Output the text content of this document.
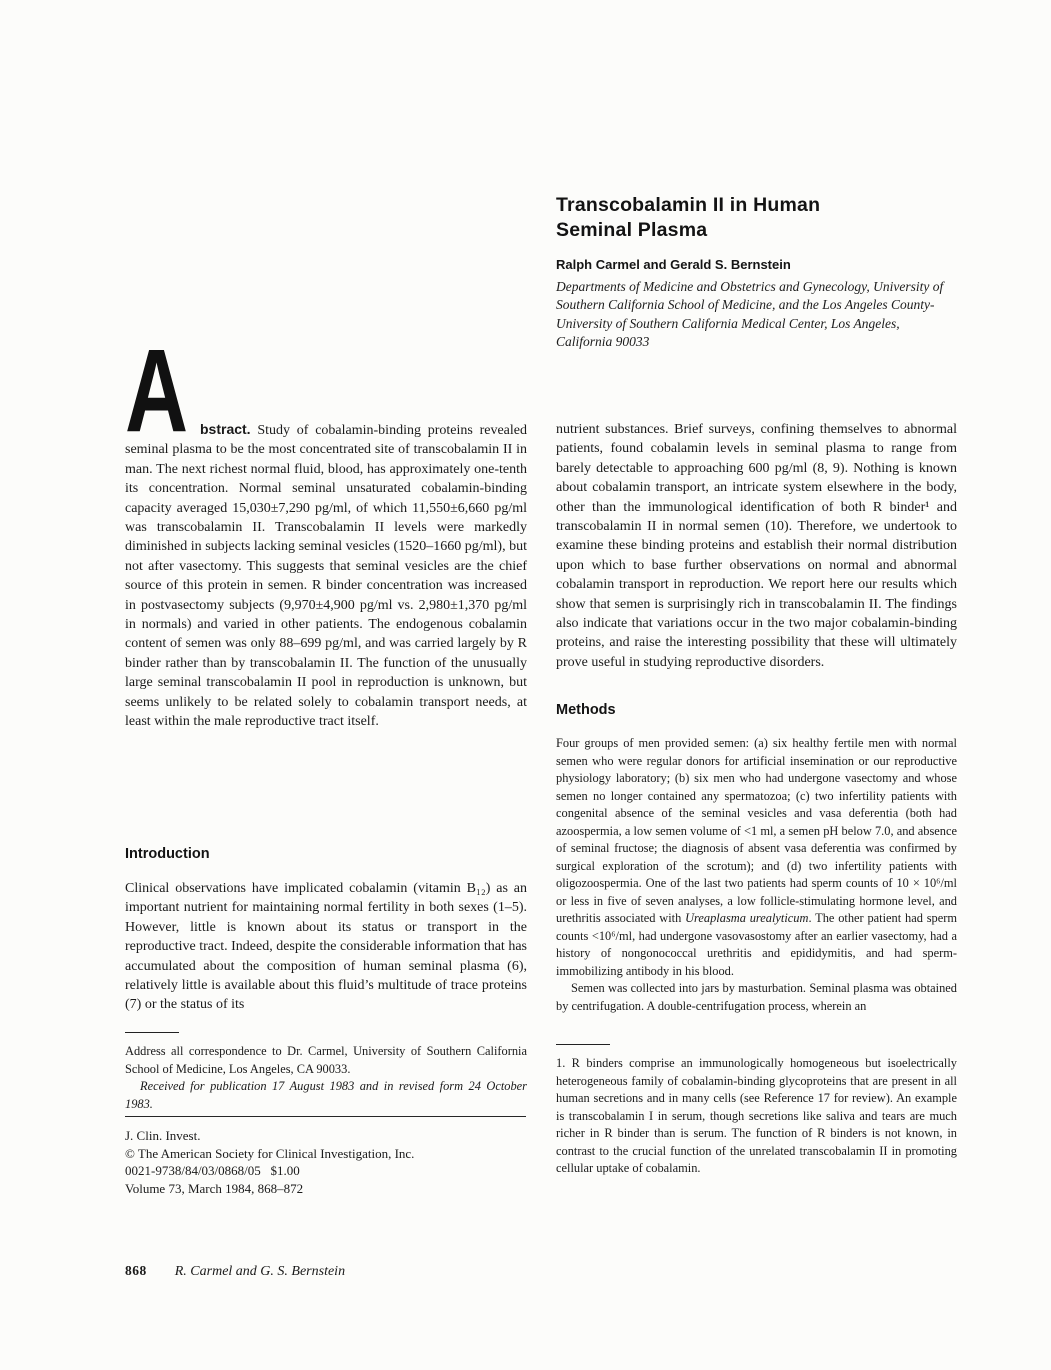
Transcobalamin II in Human
Seminal Plasma
Ralph Carmel and Gerald S. Bernstein
Departments of Medicine and Obstetrics and Gynecology, University of Southern California School of Medicine, and the Los Angeles County-University of Southern California Medical Center, Los Angeles, California 90033
A bstract. Study of cobalamin-binding proteins revealed seminal plasma to be the most concentrated site of transcobalamin II in man. The next richest normal fluid, blood, has approximately one-tenth its concentration. Normal seminal unsaturated cobalamin-binding capacity averaged 15,030±7,290 pg/ml, of which 11,550±6,660 pg/ml was transcobalamin II. Transcobalamin II levels were markedly diminished in subjects lacking seminal vesicles (1520–1660 pg/ml), but not after vasectomy. This suggests that seminal vesicles are the chief source of this protein in semen. R binder concentration was increased in postvasectomy subjects (9,970±4,900 pg/ml vs. 2,980±1,370 pg/ml in normals) and varied in other patients. The endogenous cobalamin content of semen was only 88–699 pg/ml, and was carried largely by R binder rather than by transcobalamin II. The function of the unusually large seminal transcobalamin II pool in reproduction is unknown, but seems unlikely to be related solely to cobalamin transport needs, at least within the male reproductive tract itself.

Introduction

Clinical observations have implicated cobalamin (vitamin B₁₂) as an important nutrient for maintaining normal fertility in both sexes (1–5). However, little is known about its status or transport in the reproductive tract. Indeed, despite the considerable information that has accumulated about the composition of human seminal plasma (6), relatively little is available about this fluid’s multitude of trace proteins (7) or the status of its

Address all correspondence to Dr. Carmel, University of Southern California School of Medicine, Los Angeles, CA 90033.

Received for publication 17 August 1983 and in revised form 24 October 1983.

J. Clin. Invest.
© The American Society for Clinical Investigation, Inc.
0021-9738/84/03/0868/05   $1.00
Volume 73, March 1984, 868–872

nutrient substances. Brief surveys, confining themselves to abnormal patients, found cobalamin levels in seminal plasma to range from barely detectable to approaching 600 pg/ml (8, 9). Nothing is known about cobalamin transport, an intricate system elsewhere in the body, other than the immunological identification of both R binder¹ and transcobalamin II in normal semen (10). Therefore, we undertook to examine these binding proteins and establish their normal distribution upon which to base further observations on normal and abnormal cobalamin transport in reproduction. We report here our results which show that semen is surprisingly rich in transcobalamin II. The findings also indicate that variations occur in the two major cobalamin-binding proteins, and raise the interesting possibility that these will ultimately prove useful in studying reproductive disorders.

Methods

Four groups of men provided semen: (a) six healthy fertile men with normal semen who were regular donors for artificial insemination or our reproductive physiology laboratory; (b) six men who had undergone vasectomy and whose semen no longer contained any spermatozoa; (c) two infertility patients with congenital absence of the seminal vesicles and vasa deferentia (both had azoospermia, a low semen volume of <1 ml, a semen pH below 7.0, and absence of seminal fructose; the diagnosis of absent vasa deferentia was confirmed by surgical exploration of the scrotum); and (d) two infertility patients with oligozoospermia. One of the last two patients had sperm counts of 10 × 10⁶/ml or less in five of seven analyses, a low follicle-stimulating hormone level, and urethritis associated with Ureaplasma urealyticum. The other patient had sperm counts <10⁶/ml, had undergone vasovasostomy after an earlier vasectomy, had a history of nongonococcal urethritis and epididymitis, and had sperm-immobilizing antibody in his blood.

Semen was collected into jars by masturbation. Seminal plasma was obtained by centrifugation. A double-centrifugation process, wherein an

1. R binders comprise an immunologically homogeneous but isoelectrically heterogeneous family of cobalamin-binding glycoproteins that are present in all human secretions and in many cells (see Reference 17 for review). An example is transcobalamin I in serum, though secretions like saliva and tears are much richer in R binder than is serum. The function of R binders is not known, in contrast to the crucial function of the unrelated transcobalamin II in promoting cellular uptake of cobalamin.

868 R. Carmel and G. S. Bernstein
